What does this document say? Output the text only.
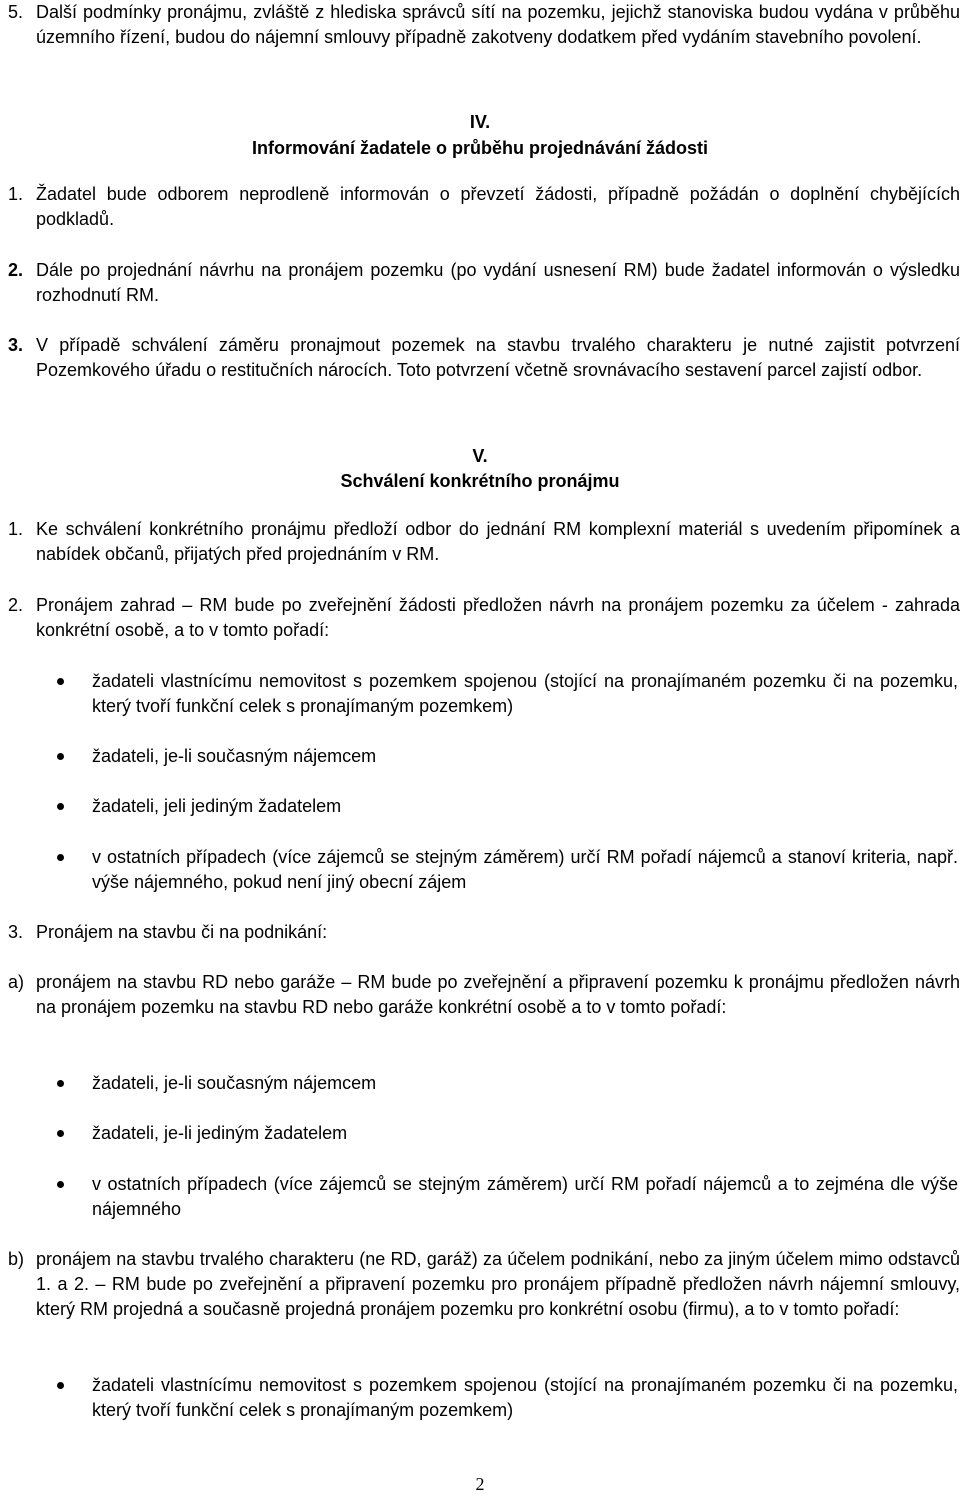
5. Další podmínky pronájmu, zvláště z hlediska správců sítí na pozemku, jejichž stanoviska budou vydána v průběhu územního řízení, budou do nájemní smlouvy případně zakotveny dodatkem před vydáním stavebního povolení.
IV.
Informování žadatele o průběhu projednávání žádosti
1. Žadatel bude odborem neprodleně informován o převzetí žádosti, případně požádán o doplnění chybějících podkladů.
2. Dále po projednání návrhu na pronájem pozemku (po vydání usnesení RM) bude žadatel informován o výsledku rozhodnutí RM.
3. V případě schválení záměru pronajmout pozemek na stavbu trvalého charakteru je nutné zajistit potvrzení Pozemkového úřadu o restitučních nárocích. Toto potvrzení včetně srovnávacího sestavení parcel zajistí odbor.
V.
Schválení konkrétního pronájmu
1. Ke schválení konkrétního pronájmu předloží odbor do jednání RM komplexní materiál s uvedením připomínek a nabídek občanů, přijatých před projednáním v RM.
2. Pronájem zahrad – RM bude po zveřejnění žádosti předložen návrh na pronájem pozemku za účelem - zahrada konkrétní osobě, a to v tomto pořadí:
žadateli vlastnícímu nemovitost s pozemkem spojenou (stojící na pronajímaném pozemku či na pozemku, který tvoří funkční celek s pronajímaným pozemkem)
žadateli, je-li současným nájemcem
žadateli, jeli jediným žadatelem
v ostatních případech (více zájemců se stejným záměrem) určí RM pořadí nájemců a stanoví kriteria, např. výše nájemného, pokud není jiný obecní zájem
3. Pronájem na stavbu či na podnikání:
a) pronájem na stavbu RD nebo garáže – RM bude po zveřejnění a připravení pozemku k pronájmu předložen návrh na pronájem pozemku na stavbu RD nebo garáže konkrétní osobě a to v tomto pořadí:
žadateli, je-li současným nájemcem
žadateli, je-li jediným žadatelem
v ostatních případech (více zájemců se stejným záměrem) určí RM pořadí nájemců a to zejména dle výše nájemného
b) pronájem na stavbu trvalého charakteru (ne RD, garáž) za účelem podnikání, nebo za jiným účelem mimo odstavců 1. a 2. – RM bude po zveřejnění a připravení pozemku pro pronájem případně předložen návrh nájemní smlouvy, který RM projedná a současně projedná pronájem pozemku pro konkrétní osobu (firmu), a to v tomto pořadí:
žadateli vlastnícímu nemovitost s pozemkem spojenou (stojící na pronajímaném pozemku či na pozemku, který tvoří funkční celek s pronajímaným pozemkem)
2
